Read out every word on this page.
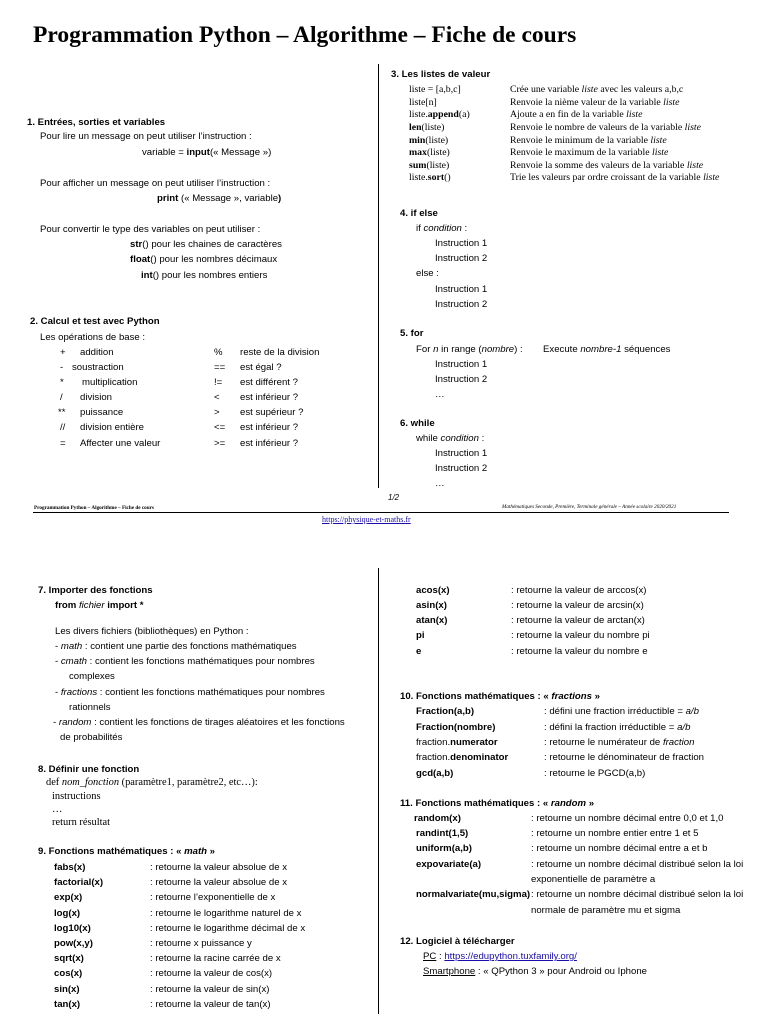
Programmation Python – Algorithme – Fiche de cours
1. Entrées, sorties et variables
Pour lire un message on peut utiliser l’instruction :
variable = input(« Message »)
Pour afficher un message on peut utiliser l’instruction :
print (« Message », variable)
Pour convertir le type des variables on peut utiliser :
str() pour les chaines de caractères
float() pour les nombres décimaux
int() pour les nombres entiers
2. Calcul et test avec Python
Les opérations de base :
+ addition	% reste de la division
- soustraction	== est égal ?
* multiplication	!= est différent ?
/ division	< est inférieur ?
** puissance	> est supérieur ?
// division entière	<= est inférieur ?
= Affecter une valeur	>= est inférieur ?
3. Les listes de valeur
liste = [a,b,c]	Crée une variable liste avec les valeurs a,b,c
liste[n]	Renvoie la nième valeur de la variable liste
liste.append(a)	Ajoute a en fin de la variable liste
len(liste)	Renvoie le nombre de valeurs de la variable liste
min(liste)	Renvoie le minimum de la variable liste
max(liste)	Renvoie le maximum de la variable liste
sum(liste)	Renvoie la somme des valeurs de la variable liste
liste.sort()	Trie les valeurs par ordre croissant de la variable liste
4. if else
if condition :
Instruction 1
Instruction 2
else :
Instruction 1
Instruction 2
5. for
For n in range (nombre) : Execute nombre-1 séquences
Instruction 1
Instruction 2
…
6. while
while condition :
Instruction 1
Instruction 2
…
1/2
Programmation Python – Algorithme – Fiche de cours	Mathématiques Seconde, Première, Terminale générale – Année scolaire 2020/2021
https://physique-et-maths.fr
7. Importer des fonctions
from fichier import *
Les divers fichiers (bibliothèques) en Python :
- math : contient une partie des fonctions mathématiques
- cmath : contient les fonctions mathématiques pour nombres
complexes
- fractions : contient les fonctions mathématiques pour nombres
rationnels
- random : contient les fonctions de tirages aléatoires et les fonctions
de probabilités
8. Définir une fonction
def nom_fonction (paramètre1, paramètre2, etc…):
instructions
…
return résultat
9. Fonctions mathématiques : « math »
fabs(x)	: retourne la valeur absolue de x
factorial(x)	: retourne la valeur absolue de x
exp(x)	: retourne l’exponentielle de x
log(x)	: retourne le logarithme naturel de x
log10(x)	: retourne le logarithme décimal de x
pow(x,y)	: retourne x puissance y
sqrt(x)	: retourne la racine carrée de x
cos(x)	: retourne la valeur de cos(x)
sin(x)	: retourne la valeur de sin(x)
tan(x)	: retourne la valeur de tan(x)
acos(x)	: retourne la valeur de arccos(x)
asin(x)	: retourne la valeur de arcsin(x)
atan(x)	: retourne la valeur de arctan(x)
pi	: retourne la valeur du nombre pi
e	: retourne la valeur du nombre e
10. Fonctions mathématiques : « fractions »
Fraction(a,b)	: défini une fraction irréductible = a/b
Fraction(nombre)	: défini la fraction irréductible = a/b
fraction.numerator	: retourne le numérateur de fraction
fraction.denominator	: retourne le dénominateur de fraction
gcd(a,b)	: retourne le PGCD(a,b)
11. Fonctions mathématiques : « random »
random(x)	: retourne un nombre décimal entre 0,0 et 1,0
randint(1,5)	: retourne un nombre entier entre 1 et 5
uniform(a,b)	: retourne un nombre décimal entre a et b
expovariate(a)	: retourne un nombre décimal distribué selon la loi
exponentielle de paramètre a
normalvariate(mu,sigma) : retourne un nombre décimal distribué selon la loi
normale de paramètre mu et sigma
12. Logiciel à télécharger
PC : https://edupython.tuxfamily.org/
Smartphone : « QPython 3 » pour Android ou Iphone
